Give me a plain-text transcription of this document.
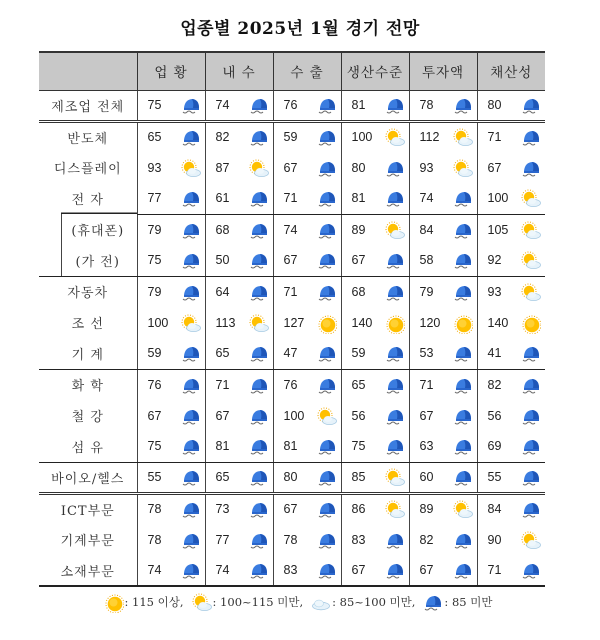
업종별 2025년 1월 경기 전망
	업 황	내 수	수 출	생산수준	투자액	채산성
제조업 전체	75	74	76	81	78	80

반도체	65	82	59	100	112	71

디스플레이	93	87	67	80	93	67

전 자	77	61	71	81	74	100

(휴대폰)	79	68	74	89	84	105

(가 전)	75	50	67	67	58	92

자동차	79	64	71	68	79	93

조 선	100	113	127	140	120	140

기 계	59	65	47	59	53	41

화 학	76	71	76	65	71	82

철 강	67	67	100	56	67	56

섬 유	75	81	81	75	63	69

바이오/헬스	55	65	80	85	60	55

ICT부문	78	73	67	86	89	84

기계부문	78	77	78	83	82	90

소재부문	74	74	83	67	67	71
: 115 이상,	: 100~115 미만,	: 85~100 미만,	: 85 미만
